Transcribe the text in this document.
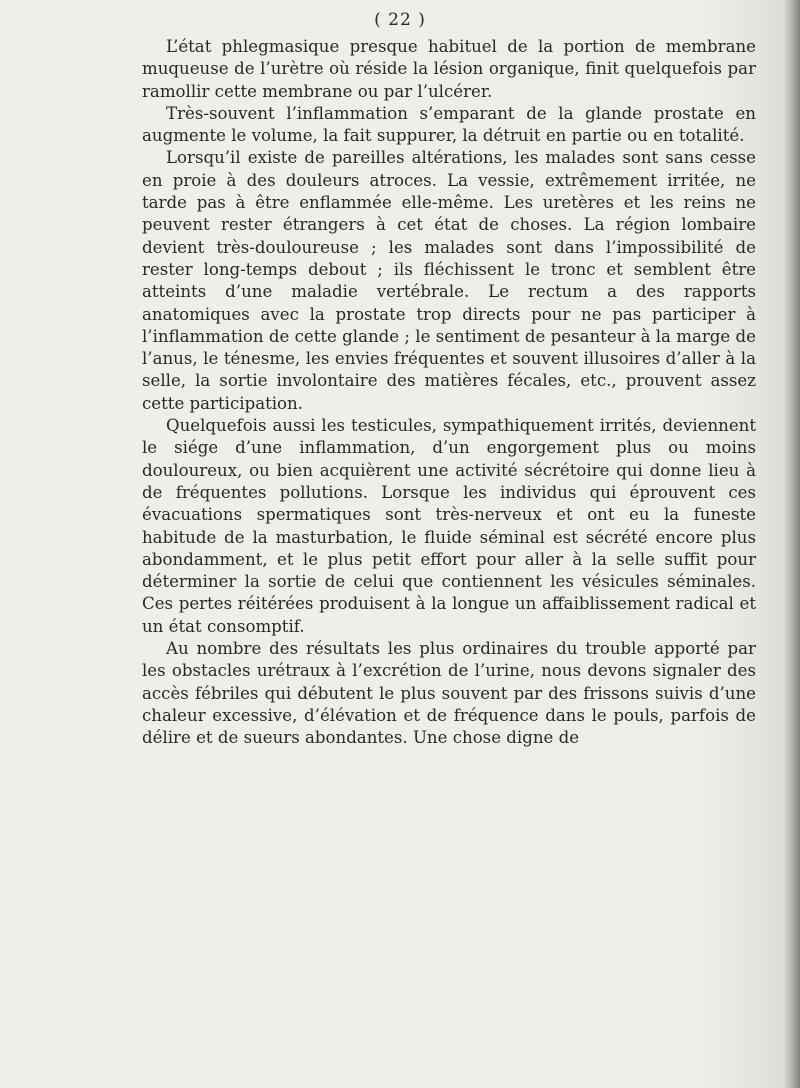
( 22 )

L’état phlegmasique presque habituel de la portion de membrane muqueuse de l’urètre où réside la lésion organique, finit quelquefois par ramollir cette membrane ou par l’ulcérer.

Très-souvent l’inflammation s’emparant de la glande prostate en augmente le volume, la fait suppurer, la détruit en partie ou en totalité.

Lorsqu’il existe de pareilles altérations, les malades sont sans cesse en proie à des douleurs atroces. La vessie, extrêmement irritée, ne tarde pas à être enflammée elle-même. Les uretères et les reins ne peuvent rester étrangers à cet état de choses. La région lombaire devient très-douloureuse ; les malades sont dans l’impossibilité de rester long-temps debout ; ils fléchissent le tronc et semblent être atteints d’une maladie vertébrale. Le rectum a des rapports anatomiques avec la prostate trop directs pour ne pas participer à l’inflammation de cette glande ; le sentiment de pesanteur à la marge de l’anus, le ténesme, les envies fréquentes et souvent illusoires d’aller à la selle, la sortie involontaire des matières fécales, etc., prouvent assez cette participation.

Quelquefois aussi les testicules, sympathiquement irrités, deviennent le siége d’une inflammation, d’un engorgement plus ou moins douloureux, ou bien acquièrent une activité sécrétoire qui donne lieu à de fréquentes pollutions. Lorsque les individus qui éprouvent ces évacuations spermatiques sont très-nerveux et ont eu la funeste habitude de la masturbation, le fluide séminal est sécrété encore plus abondamment, et le plus petit effort pour aller à la selle suffit pour déterminer la sortie de celui que contiennent les vésicules séminales. Ces pertes réitérées produisent à la longue un affaiblissement radical et un état consomptif.

Au nombre des résultats les plus ordinaires du trouble apporté par les obstacles urétraux à l’excrétion de l’urine, nous devons signaler des accès fébriles qui débutent le plus souvent par des frissons suivis d’une chaleur excessive, d’élévation et de fréquence dans le pouls, parfois de délire et de sueurs abondantes. Une chose digne de
